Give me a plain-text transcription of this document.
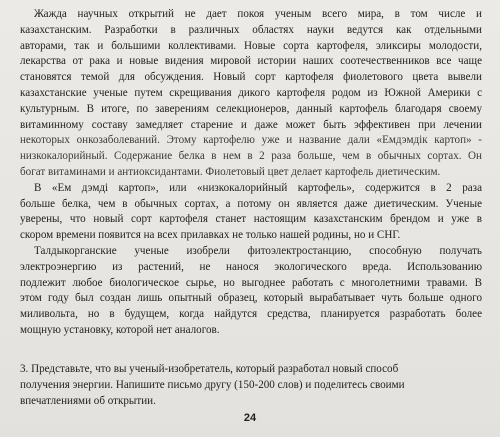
Жажда научных открытий не дает покоя ученым всего мира, в том числе и
казахстанским. Разработки в различных областях науки ведутся как отдельными
авторами, так и большими коллективами. Новые сорта картофеля, эликсиры молодости,
лекарства от рака и новые видения мировой истории наших соотечественников все чаще
становятся темой для обсуждения. Новый сорт картофеля фиолетового цвета вывели
казахстанские ученые путем скрещивания дикого картофеля родом из Южной Америки с
культурным. В итоге, по заверениям селекционеров, данный картофель благодаря своему
витаминному составу замедляет старение и даже может быть эффективен при лечении
некоторых онкозаболеваний. Этому картофелю уже и название дали «Емдэмдік картоп» -
низкокалорийный. Содержание белка в нем в 2 раза больше, чем в обычных сортах. Он
богат витаминами и антиоксидантами. Фиолетовый цвет делает картофель диетическим.
В «Ем дэмді картоп», или «низкокалорийный картофель», содержится в 2 раза
больше белка, чем в обычных сортах, а потому он является даже диетическим. Ученые
уверены, что новый сорт картофеля станет настоящим казахстанским брендом и уже в
скором времени появится на всех прилавках не только нашей родины, но и СНГ.
Талдыкорганские ученые изобрели фитоэлектростанцию, способную получать
электроэнергию из растений, не нанося экологического вреда. Использованию
подлежит любое биологическое сырье, но выгоднее работать с многолетними травами. В
этом году был создан лишь опытный образец, который вырабатывает чуть больше одного
миливольта, но в будущем, когда найдутся средства, планируется разработать более
мощную установку, которой нет аналогов.
3. Представьте, что вы ученый-изобретатель, который разработал новый способ
получения энергии. Напишите письмо другу (150-200 слов) и поделитесь своими
впечатлениями об открытии.
24
